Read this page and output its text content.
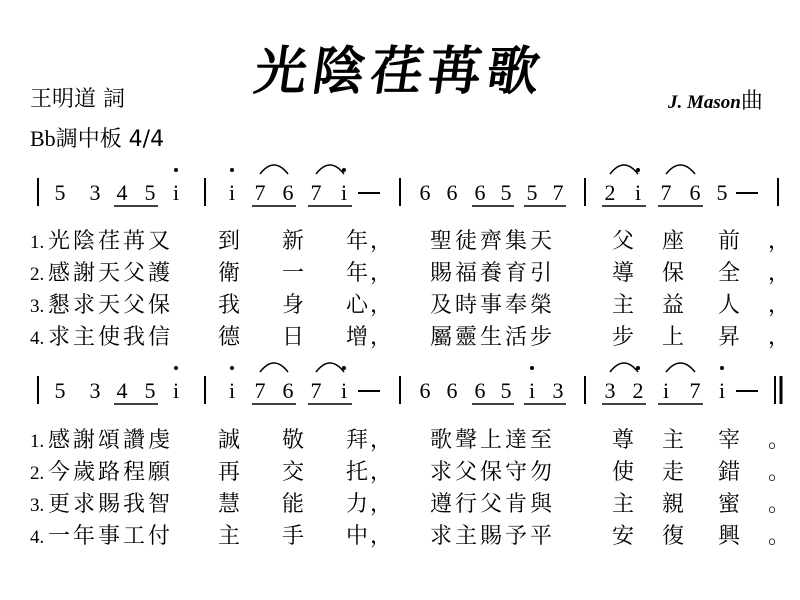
光陰荏苒歌
王明道 詞	J. Mason曲
Bb調中板 4/4
5 3 4 5 i i 7 6 7 i	6 6 6 5 5 7 2 i 7 6 5
1. 光陰荏苒又 到 新 年 ， 聖徒齊集天	父 座 前 ，
2. 感謝天父護 衛 一 年 ， 賜福養育引	導 保 全 ，
3. 懇求天父保 我 身 心 ， 及時事奉榮	主 益 人 ，
4. 求主使我信 德 日 增 ， 屬靈生活步	步 上 昇 ，
5 3 4 5 i i 7 6 7 i	6 6 6 5 i 3 3 2 i 7 i
1. 感謝頌讚虔 誠 敬 拜 ， 歌聲上達至	尊 主 宰 。
2. 今歲路程願 再 交 托 ， 求父保守勿	使 走 錯 。
3. 更求賜我智 慧 能 力 ， 遵行父肯與	主 親 蜜 。
4. 一年事工付 主 手 中 ， 求主賜予平	安 復 興 。
